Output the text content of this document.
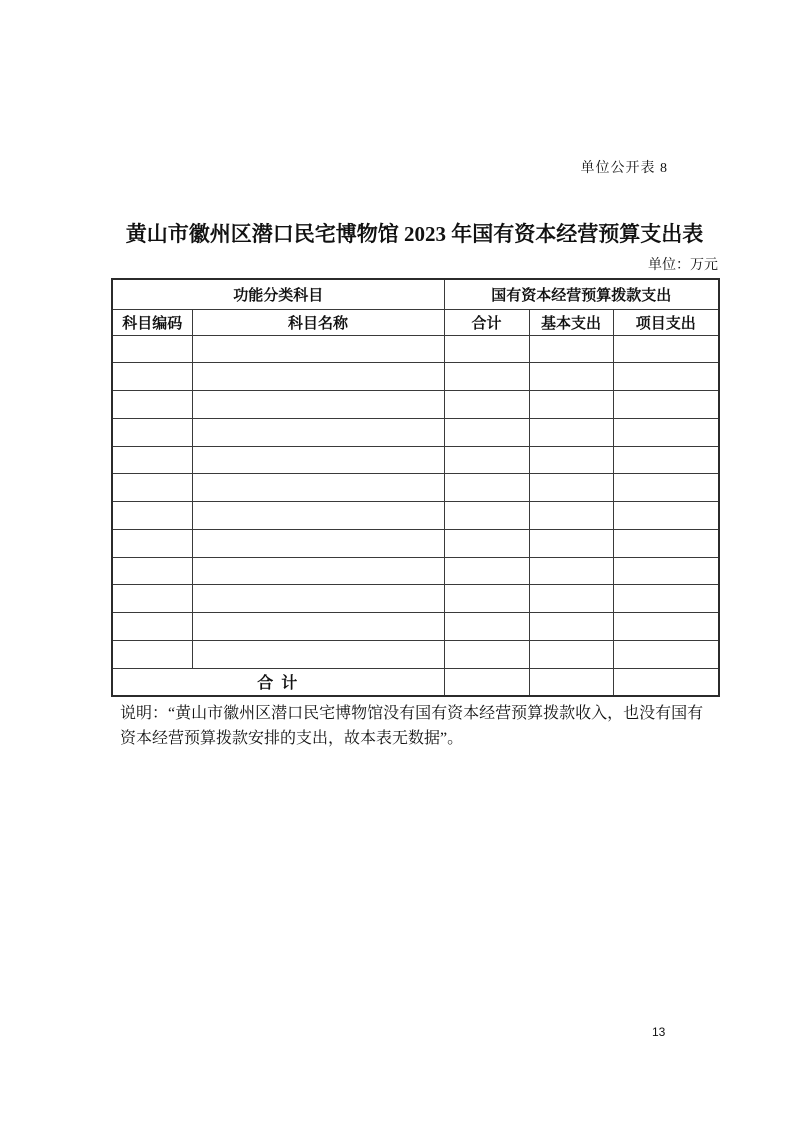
单位公开表 8
黄山市徽州区潜口民宅博物馆 2023 年国有资本经营预算支出表
单位：万元
功能分类科目		国有资本经营预算拨款支出		
科目编码	科目名称	合计	基本支出	项目支出

合 计				
说明：“黄山市徽州区潜口民宅博物馆没有国有资本经营预算拨款收入，也没有国有
资本经营预算拨款安排的支出，故本表无数据”。
13
